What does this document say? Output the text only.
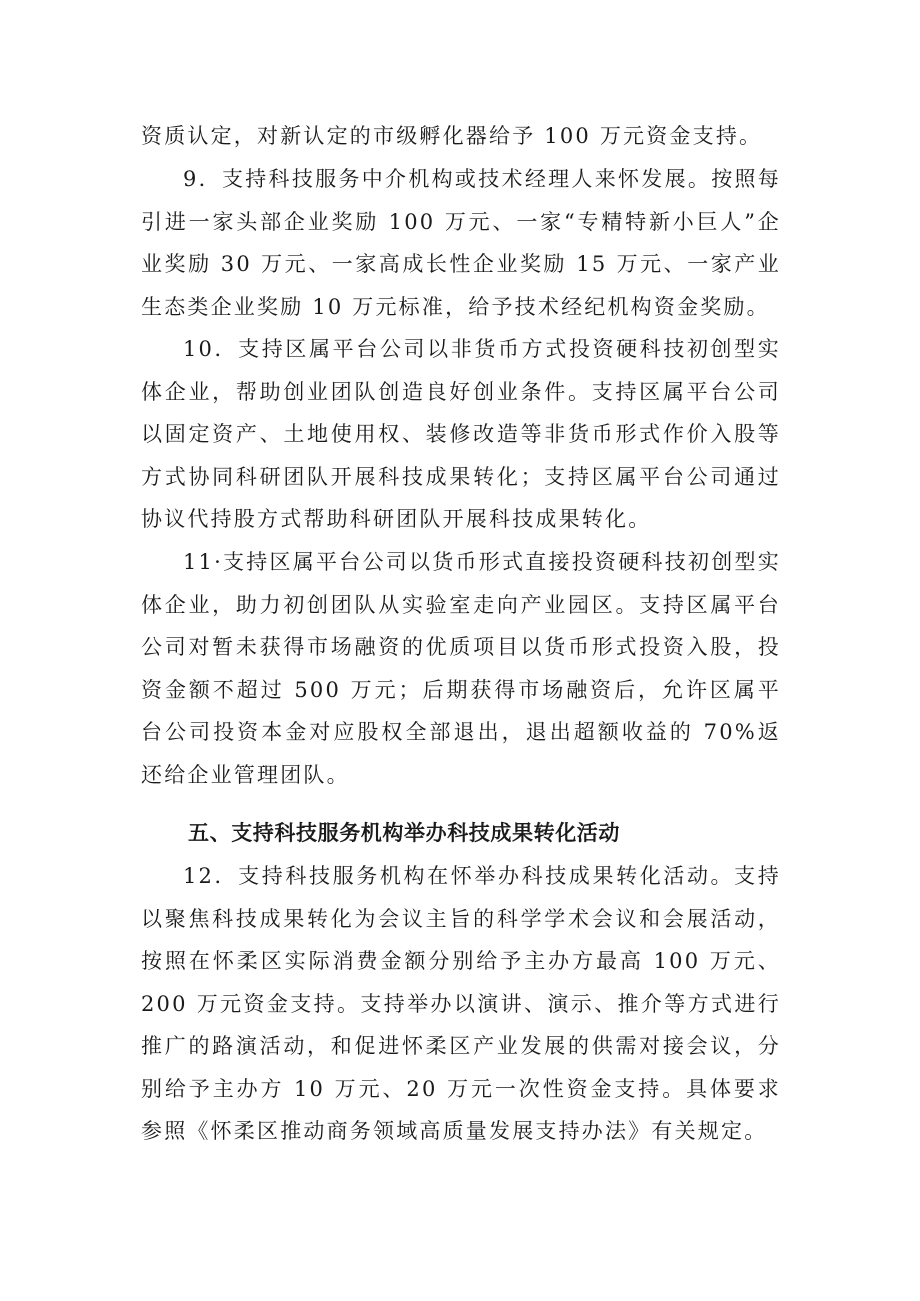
资质认定，对新认定的市级孵化器给予 100 万元资金支持。

9．支持科技服务中介机构或技术经理人来怀发展。按照每引进一家头部企业奖励 100 万元、一家“专精特新小巨人”企业奖励 30 万元、一家高成长性企业奖励 15 万元、一家产业生态类企业奖励 10 万元标准，给予技术经纪机构资金奖励。

10．支持区属平台公司以非货币方式投资硬科技初创型实体企业，帮助创业团队创造良好创业条件。支持区属平台公司以固定资产、土地使用权、装修改造等非货币形式作价入股等方式协同科研团队开展科技成果转化；支持区属平台公司通过协议代持股方式帮助科研团队开展科技成果转化。

11·支持区属平台公司以货币形式直接投资硬科技初创型实体企业，助力初创团队从实验室走向产业园区。支持区属平台公司对暂未获得市场融资的优质项目以货币形式投资入股，投资金额不超过 500 万元；后期获得市场融资后，允许区属平台公司投资本金对应股权全部退出，退出超额收益的 70%返还给企业管理团队。

五、支持科技服务机构举办科技成果转化活动

12．支持科技服务机构在怀举办科技成果转化活动。支持以聚焦科技成果转化为会议主旨的科学学术会议和会展活动，按照在怀柔区实际消费金额分别给予主办方最高 100 万元、200 万元资金支持。支持举办以演讲、演示、推介等方式进行推广的路演活动，和促进怀柔区产业发展的供需对接会议，分别给予主办方 10 万元、20 万元一次性资金支持。具体要求参照《怀柔区推动商务领域高质量发展支持办法》有关规定。
